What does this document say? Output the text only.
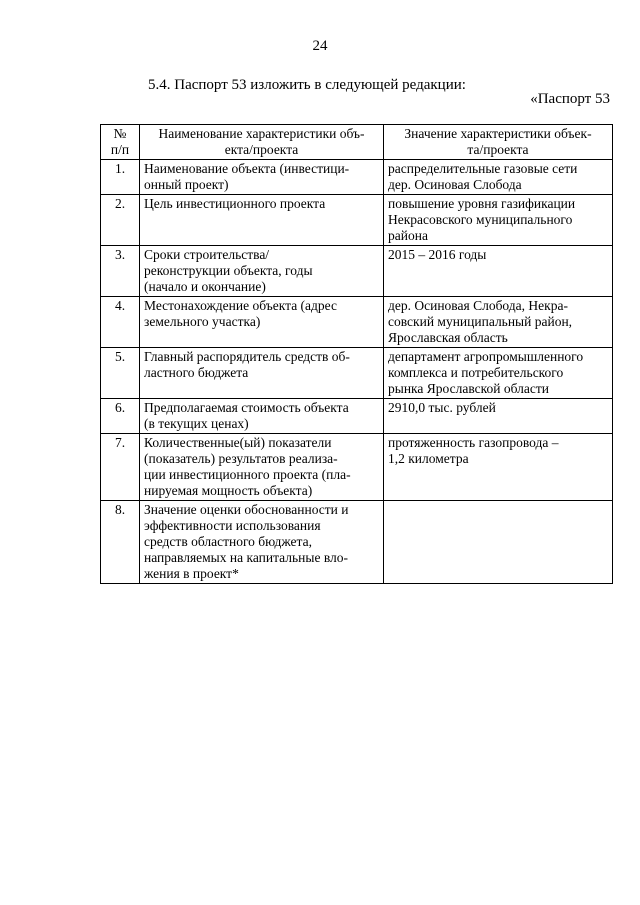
24
5.4. Паспорт 53 изложить в следующей редакции:
«Паспорт 53
№
п/п	Наименование характеристики объ-
екта/проекта	Значение характеристики объек-
та/проекта

1.	Наименование объекта (инвестици-
онный проект)	распределительные газовые сети
дер. Осиновая Слобода

2.	Цель инвестиционного проекта	повышение уровня газификации
Некрасовского муниципального
района

3.	Сроки строительства/
реконструкции объекта, годы
(начало и окончание)	2015 – 2016 годы

4.	Местонахождение объекта (адрес
земельного участка)	дер. Осиновая Слобода, Некра-
совский муниципальный район,
Ярославская область

5.	Главный распорядитель средств об-
ластного бюджета	департамент агропромышленного
комплекса и потребительского
рынка Ярославской области

6.	Предполагаемая стоимость объекта
(в текущих ценах)	2910,0 тыс. рублей

7.	Количественные(ый) показатели
(показатель) результатов реализа-
ции инвестиционного проекта (пла-
нируемая мощность объекта)	протяженность газопровода –
1,2 километра

8.	Значение оценки обоснованности и
эффективности использования
средств областного бюджета,
направляемых на капитальные вло-
жения в проект*	
